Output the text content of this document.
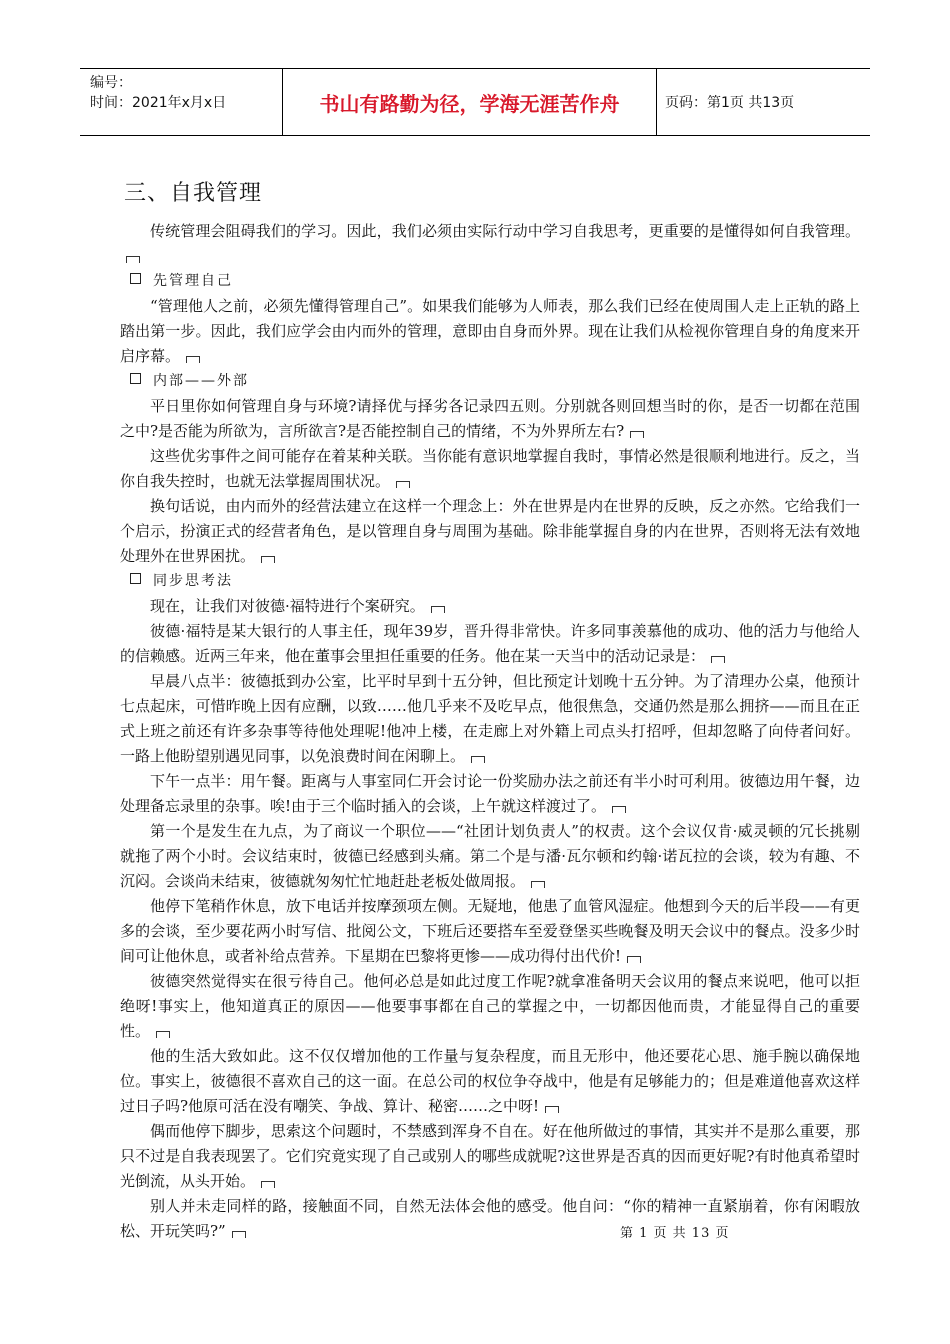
编号：
时间：2021年x月x日	书山有路勤为径，学海无涯苦作舟	页码：第1页 共13页
三、自我管理

传统管理会阻碍我们的学习。因此，我们必须由实际行动中学习自我思考，更重要的是懂得如何自我管理。

先管理自己

“管理他人之前，必须先懂得管理自己”。如果我们能够为人师表，那么我们已经在使周围人走上正轨的路上踏出第一步。因此，我们应学会由内而外的管理，意即由自身而外界。现在让我们从检视你管理自身的角度来开启序幕。

内部——外部

平日里你如何管理自身与环境?请择优与择劣各记录四五则。分别就各则回想当时的你，是否一切都在范围之中?是否能为所欲为，言所欲言?是否能控制自己的情绪，不为外界所左右?

这些优劣事件之间可能存在着某种关联。当你能有意识地掌握自我时，事情必然是很顺利地进行。反之，当你自我失控时，也就无法掌握周围状况。

换句话说，由内而外的经营法建立在这样一个理念上：外在世界是内在世界的反映，反之亦然。它给我们一个启示，扮演正式的经营者角色，是以管理自身与周围为基础。除非能掌握自身的内在世界，否则将无法有效地处理外在世界困扰。

同步思考法

现在，让我们对彼德·福特进行个案研究。

彼德·福特是某大银行的人事主任，现年39岁，晋升得非常快。许多同事羡慕他的成功、他的活力与他给人的信赖感。近两三年来，他在董事会里担任重要的任务。他在某一天当中的活动记录是：

早晨八点半：彼德抵到办公室，比平时早到十五分钟，但比预定计划晚十五分钟。为了清理办公桌，他预计七点起床，可惜昨晚上因有应酬，以致……他几乎来不及吃早点，他很焦急，交通仍然是那么拥挤——而且在正式上班之前还有许多杂事等待他处理呢!他冲上楼，在走廊上对外籍上司点头打招呼，但却忽略了向侍者问好。一路上他盼望别遇见同事，以免浪费时间在闲聊上。

下午一点半：用午餐。距离与人事室同仁开会讨论一份奖励办法之前还有半小时可利用。彼德边用午餐，边处理备忘录里的杂事。唉!由于三个临时插入的会谈，上午就这样渡过了。

第一个是发生在九点，为了商议一个职位——“社团计划负责人”的权责。这个会议仅肯·威灵顿的冗长挑剔就拖了两个小时。会议结束时，彼德已经感到头痛。第二个是与潘·瓦尔顿和约翰·诺瓦拉的会谈，较为有趣、不沉闷。会谈尚未结束，彼德就匆匆忙忙地赶赴老板处做周报。

他停下笔稍作休息，放下电话并按摩颈项左侧。无疑地，他患了血管风湿症。他想到今天的后半段——有更多的会谈，至少要花两小时写信、批阅公文，下班后还要搭车至爱登堡买些晚餐及明天会议中的餐点。没多少时间可让他休息，或者补给点营养。下星期在巴黎将更惨——成功得付出代价!

彼德突然觉得实在很亏待自己。他何必总是如此过度工作呢?就拿准备明天会议用的餐点来说吧，他可以拒绝呀!事实上，他知道真正的原因——他要事事都在自己的掌握之中，一切都因他而贵，才能显得自己的重要性。

他的生活大致如此。这不仅仅增加他的工作量与复杂程度，而且无形中，他还要花心思、施手腕以确保地位。事实上，彼德很不喜欢自己的这一面。在总公司的权位争夺战中，他是有足够能力的；但是难道他喜欢这样过日子吗?他原可活在没有嘲笑、争战、算计、秘密……之中呀!

偶而他停下脚步，思索这个问题时，不禁感到浑身不自在。好在他所做过的事情，其实并不是那么重要，那只不过是自我表现罢了。它们究竟实现了自己或别人的哪些成就呢?这世界是否真的因而更好呢?有时他真希望时光倒流，从头开始。

别人并未走同样的路，接触面不同，自然无法体会他的感受。他自问：“你的精神一直紧崩着，你有闲暇放松、开玩笑吗?”	第 1 页 共 13 页
